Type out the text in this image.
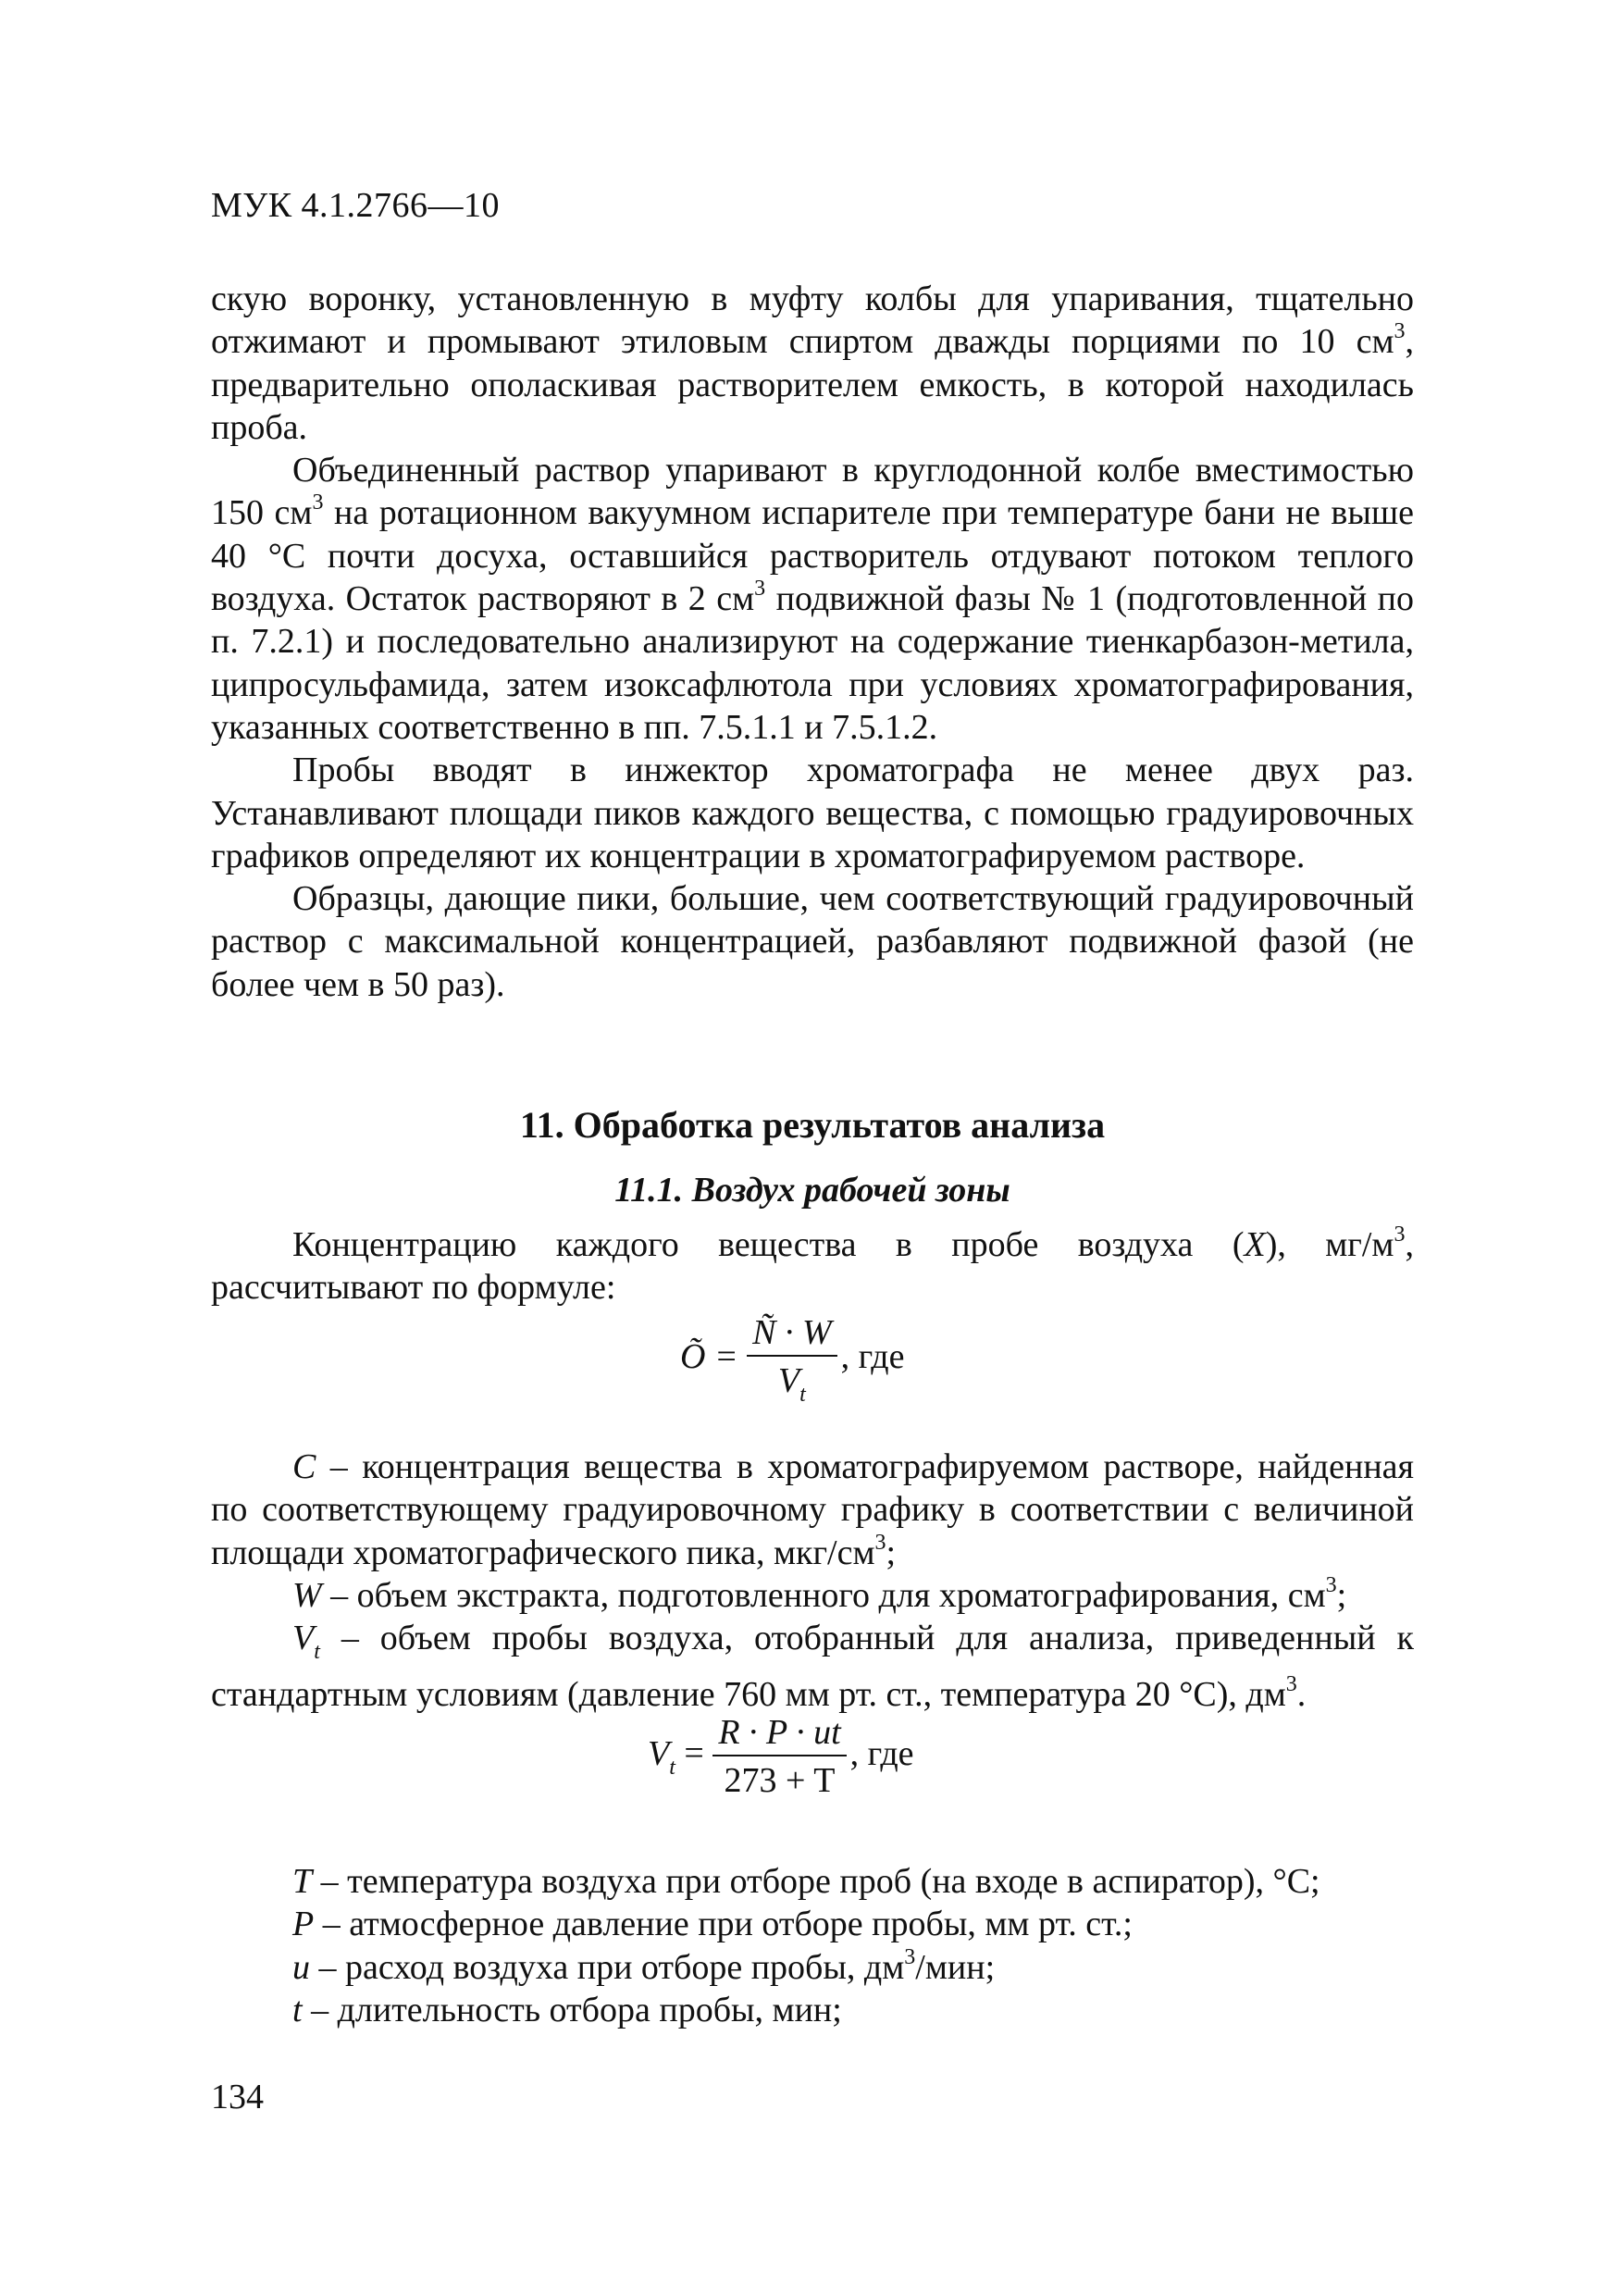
МУК 4.1.2766—10

скую воронку, установленную в муфту колбы для упаривания, тщательно отжимают и промывают этиловым спиртом дважды порциями по 10 $см^3$, предварительно ополаскивая растворителем емкость, в которой находилась проба.

Объединенный раствор упаривают в круглодонной колбе вместимостью 150 $см^3$ на ротационном вакуумном испарителе при температуре бани не выше 40 °С почти досуха, оставшийся растворитель отдувают потоком теплого воздуха. Остаток растворяют в 2 $см^3$ подвижной фазы № 1 (подготовленной по п. 7.2.1) и последовательно анализируют на содержание тиенкарбазон-метила, ципросульфамида, затем изоксафлютола при условиях хроматографирования, указанных соответственно в пп. 7.5.1.1 и 7.5.1.2.

Пробы вводят в инжектор хроматографа не менее двух раз. Устанавливают площади пиков каждого вещества, с помощью градуировочных графиков определяют их концентрации в хроматографируемом растворе.

Образцы, дающие пики, большие, чем соответствующий градуировочный раствор с максимальной концентрацией, разбавляют подвижной фазой (не более чем в 50 раз).

11. Обработка результатов анализа
11.1. Воздух рабочей зоны

Концентрацию каждого вещества в пробе воздуха (X), $мг/м^3$, рассчитывают по формуле:

Õ = $\frac{Ñ \cdot W}{V_t}$ , где

C – концентрация вещества в хроматографируемом растворе, найденная по соответствующему градуировочному графику в соответствии с величиной площади хроматографического пика, мкг/$см^3$;

W – объем экстракта, подготовленного для хроматографирования, $см^3$;

$V_t$ – объем пробы воздуха, отобранный для анализа, приведенный к стандартным условиям (давление 760 мм рт. ст., температура 20 °С), $дм^3$.

$V_t = \frac{R \cdot P \cdot ut}{273 + T}$ , где

T – температура воздуха при отборе проб (на входе в аспиратор), °С;

P – атмосферное давление при отборе пробы, мм рт. ст.;

u – расход воздуха при отборе пробы, $дм^3$/мин;

t – длительность отбора пробы, мин;

134
